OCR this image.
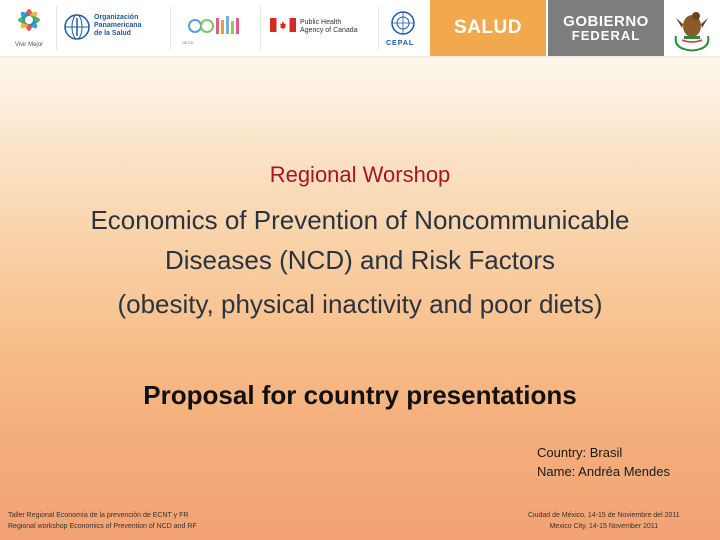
Vivir Mejor
Organización
Panamericana
de la Salud
OECD
Public Health
Agency of Canada
CEPAL
SALUD	GOBIERNO
FEDERAL
Regional Worshop
Economics of Prevention of Noncommunicable
Diseases (NCD) and Risk Factors
(obesity, physical inactivity and poor diets)
Proposal for country presentations
Country: Brasil
Name: Andréa Mendes
Taller Regional Economía de la prevención de ECNT y FR
Regional workshop Economics of Prevention of NCD and RF
Ciudad de México, 14-15 de Noviembre del 2011
Mexico City, 14-15 November 2011
